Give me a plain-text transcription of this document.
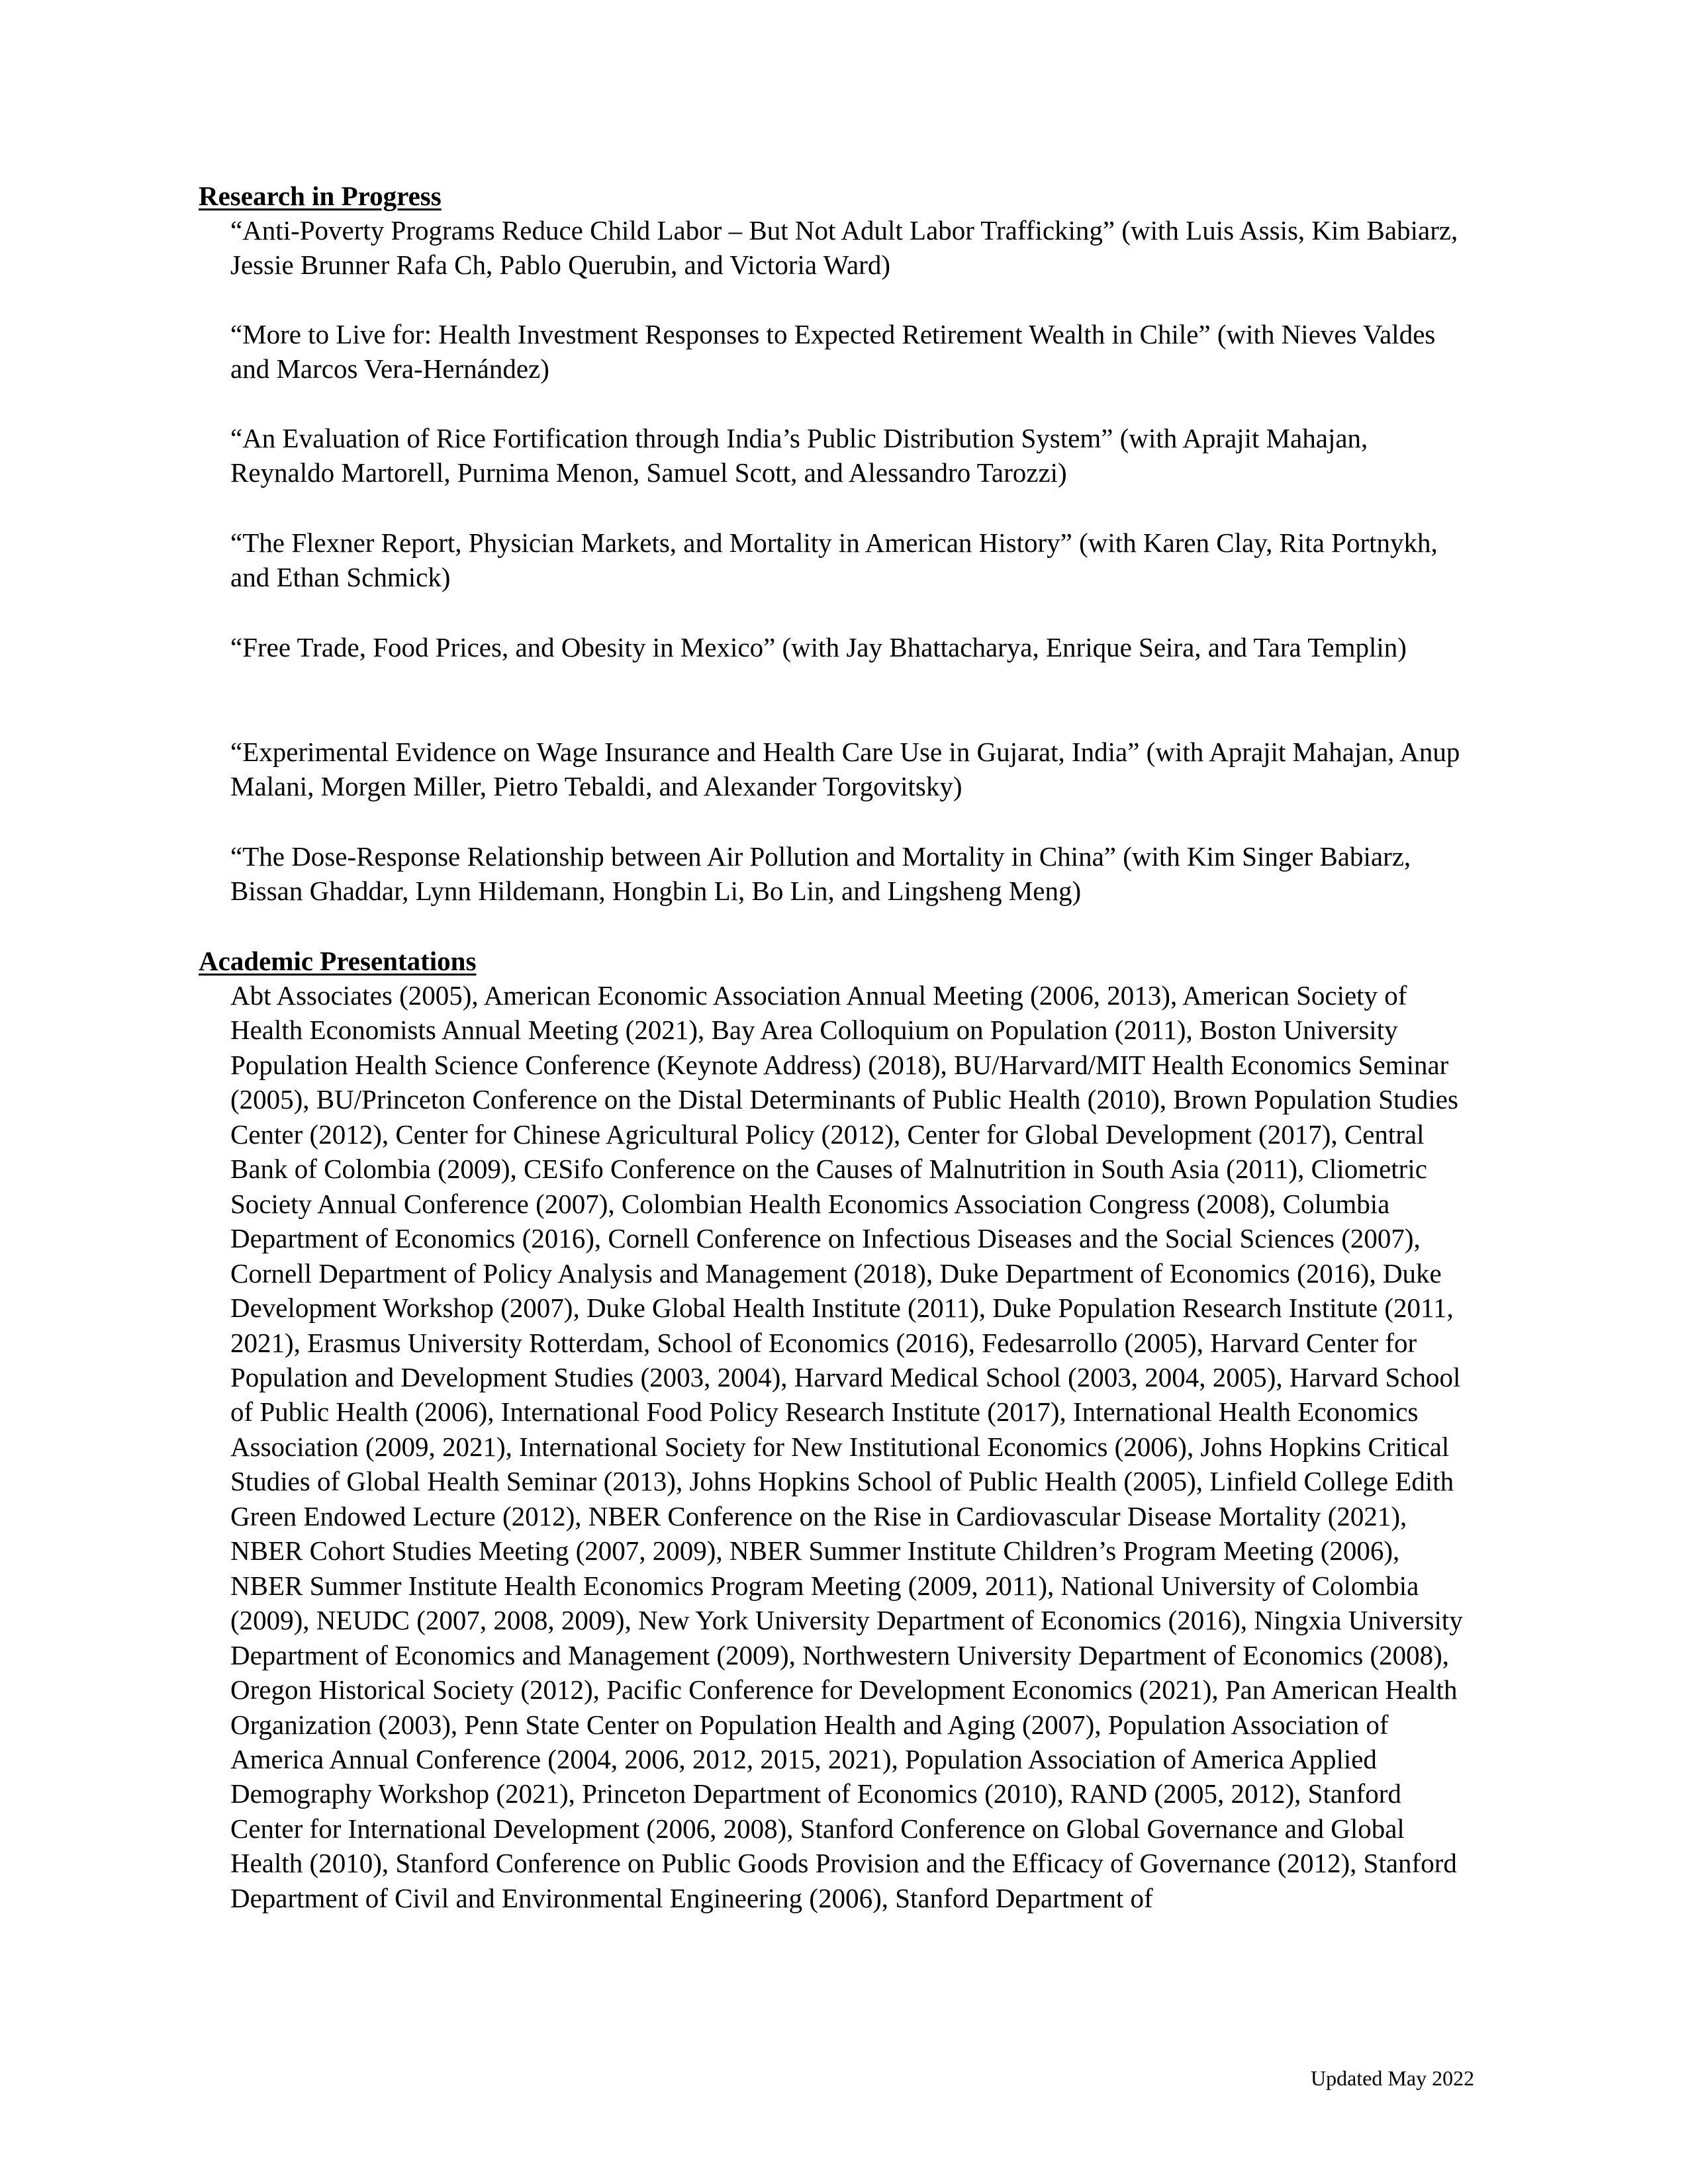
Research in Progress

“Anti-Poverty Programs Reduce Child Labor – But Not Adult Labor Trafficking” (with Luis Assis, Kim Babiarz, Jessie Brunner Rafa Ch, Pablo Querubin, and Victoria Ward)

“More to Live for: Health Investment Responses to Expected Retirement Wealth in Chile” (with Nieves Valdes and Marcos Vera-Hernández)

“An Evaluation of Rice Fortification through India’s Public Distribution System” (with Aprajit Mahajan, Reynaldo Martorell, Purnima Menon, Samuel Scott, and Alessandro Tarozzi)

“The Flexner Report, Physician Markets, and Mortality in American History” (with Karen Clay, Rita Portnykh, and Ethan Schmick)

“Free Trade, Food Prices, and Obesity in Mexico” (with Jay Bhattacharya, Enrique Seira, and Tara Templin)

“Experimental Evidence on Wage Insurance and Health Care Use in Gujarat, India” (with Aprajit Mahajan, Anup Malani, Morgen Miller, Pietro Tebaldi, and Alexander Torgovitsky)

“The Dose-Response Relationship between Air Pollution and Mortality in China” (with Kim Singer Babiarz, Bissan Ghaddar, Lynn Hildemann, Hongbin Li, Bo Lin, and Lingsheng Meng)

Academic Presentations

Abt Associates (2005), American Economic Association Annual Meeting (2006, 2013), American Society of Health Economists Annual Meeting (2021), Bay Area Colloquium on Population (2011), Boston University Population Health Science Conference (Keynote Address) (2018), BU/Harvard/MIT Health Economics Seminar (2005), BU/Princeton Conference on the Distal Determinants of Public Health (2010), Brown Population Studies Center (2012), Center for Chinese Agricultural Policy (2012), Center for Global Development (2017), Central Bank of Colombia (2009), CESifo Conference on the Causes of Malnutrition in South Asia (2011), Cliometric Society Annual Conference (2007), Colombian Health Economics Association Congress (2008), Columbia Department of Economics (2016), Cornell Conference on Infectious Diseases and the Social Sciences (2007), Cornell Department of Policy Analysis and Management (2018), Duke Department of Economics (2016), Duke Development Workshop (2007), Duke Global Health Institute (2011), Duke Population Research Institute (2011, 2021), Erasmus University Rotterdam, School of Economics (2016), Fedesarrollo (2005), Harvard Center for Population and Development Studies (2003, 2004), Harvard Medical School (2003, 2004, 2005), Harvard School of Public Health (2006), International Food Policy Research Institute (2017), International Health Economics Association (2009, 2021), International Society for New Institutional Economics (2006), Johns Hopkins Critical Studies of Global Health Seminar (2013), Johns Hopkins School of Public Health (2005), Linfield College Edith Green Endowed Lecture (2012), NBER Conference on the Rise in Cardiovascular Disease Mortality (2021), NBER Cohort Studies Meeting (2007, 2009), NBER Summer Institute Children’s Program Meeting (2006), NBER Summer Institute Health Economics Program Meeting (2009, 2011), National University of Colombia (2009), NEUDC (2007, 2008, 2009), New York University Department of Economics (2016), Ningxia University Department of Economics and Management (2009), Northwestern University Department of Economics (2008), Oregon Historical Society (2012), Pacific Conference for Development Economics (2021), Pan American Health Organization (2003), Penn State Center on Population Health and Aging (2007), Population Association of America Annual Conference (2004, 2006, 2012, 2015, 2021), Population Association of America Applied Demography Workshop (2021), Princeton Department of Economics (2010), RAND (2005, 2012), Stanford Center for International Development (2006, 2008), Stanford Conference on Global Governance and Global Health (2010), Stanford Conference on Public Goods Provision and the Efficacy of Governance (2012), Stanford Department of Civil and Environmental Engineering (2006), Stanford Department of

Updated May 2022
